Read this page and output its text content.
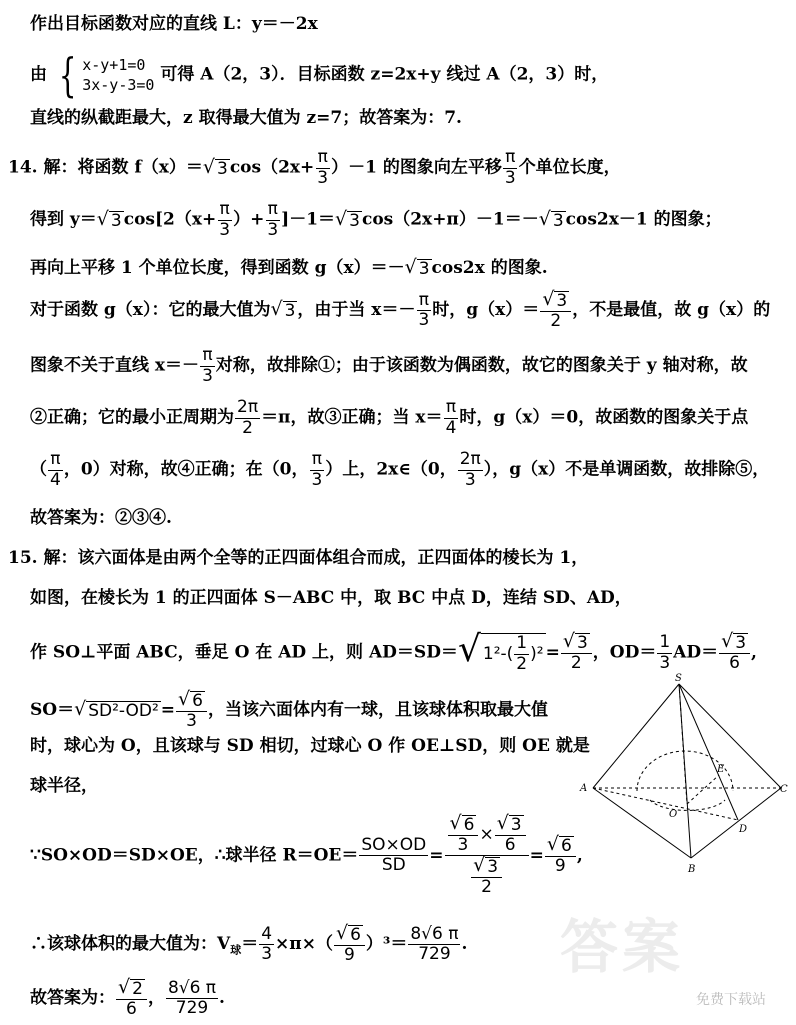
作出目标函数对应的直线 L：y＝－2x
由 { x-y+1=0
3x-y-3=0
可得 A（2，3）．目标函数 z=2x+y 线过 A（2，3）时，
直线的纵截距最大，z 取得最大值为 z=7；故答案为：7.
14. 解：将函数 f（x）＝ √ 3 $\cos(2x+ \frac{\pi}{3} )-1$ 的图象向左平移 $\frac{\pi}{3}$ 个单位长度，
得到 y＝ √ 3 $\cos[2(x+ \frac{\pi}{3}$ ）+ $\frac{\pi}{3} ]-1=$ √ 3 cos（2x+π）－1＝－ √ 3 cos2x－1 的图象；
再向上平移 1 个单位长度，得到函数 g（x）＝－ √ 3 cos2x 的图象.
对于函数 g（x）：它的最大值为 √ 3 ，由于当 $x=- \frac{\pi}{3}$ 时，$g(x)= \frac{√ 3}{2}$ ，不是最值，故 g（x）的
图象不关于直线 $x=- \frac{\pi}{3}$ 对称，故排除①；由于该函数为偶函数，故它的图象关于 y 轴对称，故
②正确；它的最小正周期为 $\frac{2\pi}{2} =\pi$，故③正确；当 $x= \frac{\pi}{4}$ 时，g（x）＝0，故函数的图象关于点
（ $\frac{\pi}{4}$ ，0）对称，故④正确；在（0， $\frac{\pi}{3}$ ）上，2x∈（0， $\frac{2\pi}{3}$ ），g（x）不是单调函数，故排除⑤，
故答案为：②③④.
15. 解：该六面体是由两个全等的正四面体组合而成，正四面体的棱长为 1，
如图，在棱长为 1 的正四面体 S－ABC 中，取 BC 中点 D，连结 SD、AD，
作 SO⊥平面 ABC，垂足 O 在 AD 上，则 AD＝SD＝ √ $1^2-( \frac{1}{2} )^2 = \frac{√ 3}{2}$ ，$OD= \frac{1}{3} AD= \frac{√ 3}{6}$ ,
SO＝ √ $SD^2-OD^2 = \frac{√ 6}{3}$ ，当该六面体内有一球，且该球体积取最大值
时，球心为 O，且该球与 SD 相切，过球心 O 作 OE⊥SD，则 OE 就是
球半径，
∵SO×OD＝SD×OE，∴球半径 $R=OE= \frac{SO\times OD}{SD} = \frac{\frac{√ 6}{3} \times \frac{√ 3}{6}}{\frac{√ 3}{2}} = \frac{√ 6}{9}$ ,
∴该球体积的最大值为：$V_球= \frac{4}{3} \times\pi\times( \frac{√ 6}{9} )^3= \frac{8√6 \pi}{729}$ .
故答案为： $\frac{√ 2}{6}$ ， $\frac{8√6 \pi}{729}$ .
S
A	C
B
D
O
E
答案
免费下载站
